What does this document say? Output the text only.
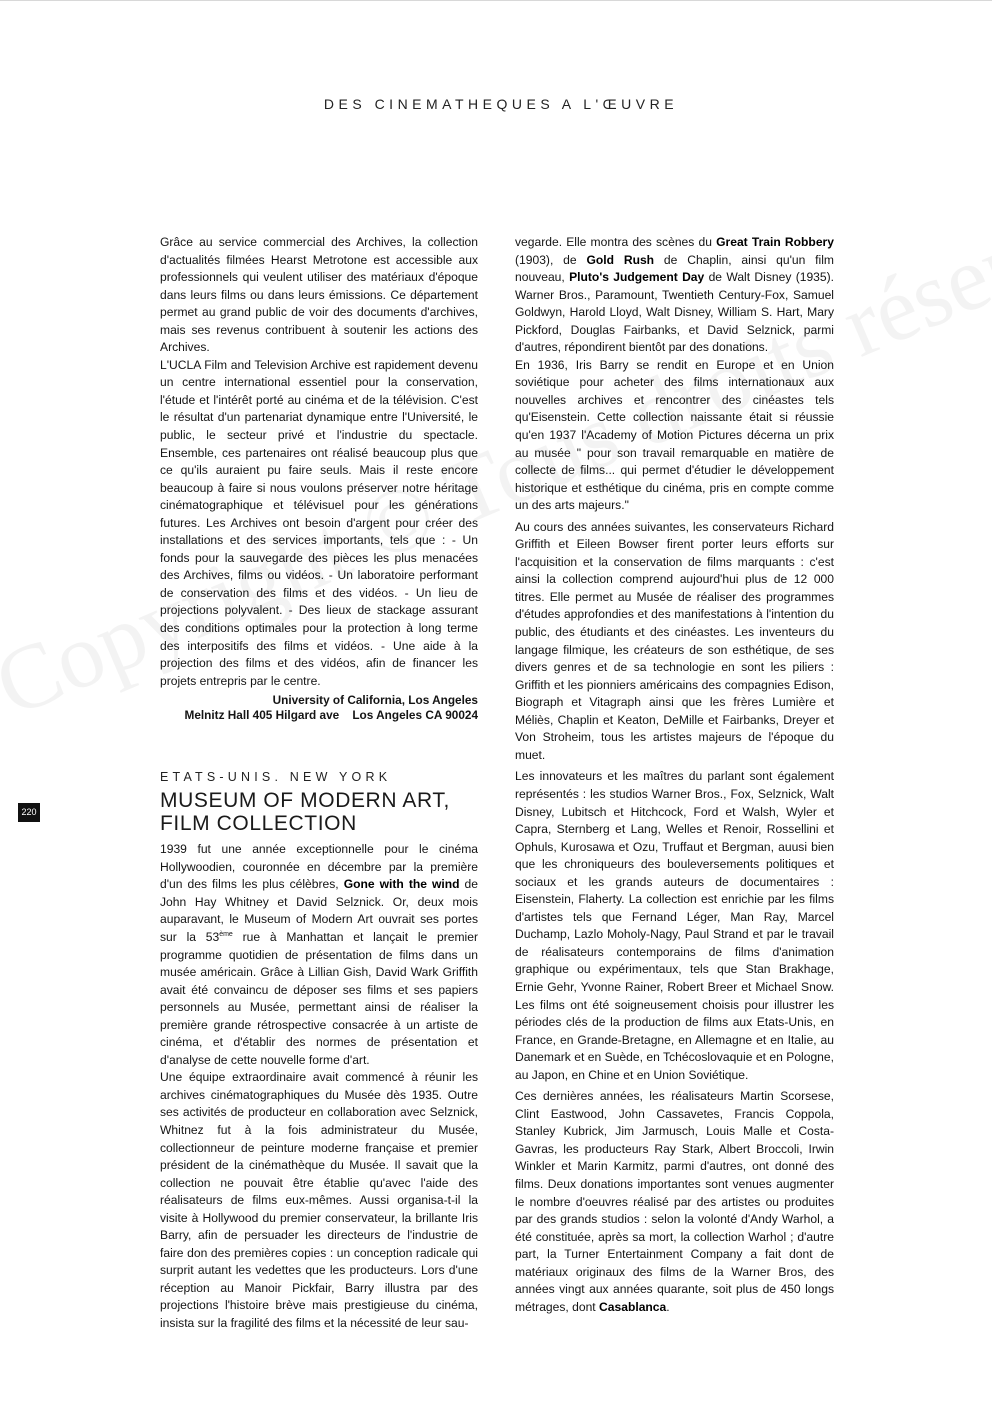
DES CINEMATHEQUES A L'ŒUVRE
220

Grâce au service commercial des Archives, la collection d'actualités filmées Hearst Metrotone est accessible aux professionnels qui veulent utiliser des matériaux d'époque dans leurs films ou dans leurs émissions. Ce département permet au grand public de voir des documents d'archives, mais ses revenus contribuent à soutenir les actions des Archives.

L'UCLA Film and Television Archive est rapidement devenu un centre international essentiel pour la conservation, l'étude et l'intérêt porté au cinéma et de la télévision. C'est le résultat d'un partenariat dynamique entre l'Université, le public, le secteur privé et l'industrie du spectacle. Ensemble, ces partenaires ont réalisé beaucoup plus que ce qu'ils auraient pu faire seuls. Mais il reste encore beaucoup à faire si nous voulons préserver notre héritage cinématographique et télévisuel pour les générations futures. Les Archives ont besoin d'argent pour créer des installations et des services importants, tels que : - Un fonds pour la sauvegarde des pièces les plus menacées des Archives, films ou vidéos. - Un laboratoire performant de conservation des films et des vidéos. - Un lieu de projections polyvalent. - Des lieux de stackage assurant des conditions optimales pour la protection à long terme des interpositifs des films et vidéos. - Une aide à la projection des films et des vidéos, afin de financer les projets entrepris par le centre.

University of California, Los Angeles
Melnitz Hall 405 Hilgard ave    Los Angeles CA 90024
ETATS-UNIS. NEW YORK
MUSEUM OF MODERN ART,
FILM COLLECTION

1939 fut une année exceptionnelle pour le cinéma Hollywoodien, couronnée en décembre par la première d'un des films les plus célèbres, Gone with the wind de John Hay Whitney et David Selznick. Or, deux mois auparavant, le Museum of Modern Art ouvrait ses portes sur la 53ème rue à Manhattan et lançait le premier programme quotidien de présentation de films dans un musée américain. Grâce à Lillian Gish, David Wark Griffith avait été convaincu de déposer ses films et ses papiers personnels au Musée, permettant ainsi de réaliser la première grande rétrospective consacrée à un artiste de cinéma, et d'établir des normes de présentation et d'analyse de cette nouvelle forme d'art.

Une équipe extraordinaire avait commencé à réunir les archives cinématographiques du Musée dès 1935. Outre ses activités de producteur en collaboration avec Selznick, Whitnez fut à la fois administrateur du Musée, collectionneur de peinture moderne française et premier président de la cinémathèque du Musée. Il savait que la collection ne pouvait être établie qu'avec l'aide des réalisateurs de films eux-mêmes. Aussi organisa-t-il la visite à Hollywood du premier conservateur, la brillante Iris Barry, afin de persuader les directeurs de l'industrie de faire don des premières copies : un conception radicale qui surprit autant les vedettes que les producteurs. Lors d'une réception au Manoir Pickfair, Barry illustra par des projections l'histoire brève mais prestigieuse du cinéma, insista sur la fragilité des films et la nécessité de leur sau-

vegarde. Elle montra des scènes du Great Train Robbery (1903), de Gold Rush de Chaplin, ainsi qu'un film nouveau, Pluto's Judgement Day de Walt Disney (1935). Warner Bros., Paramount, Twentieth Century-Fox, Samuel Goldwyn, Harold Lloyd, Walt Disney, William S. Hart, Mary Pickford, Douglas Fairbanks, et David Selznick, parmi d'autres, répondirent bientôt par des donations.

En 1936, Iris Barry se rendit en Europe et en Union soviétique pour acheter des films internationaux aux nouvelles archives et rencontrer des cinéastes tels qu'Eisenstein. Cette collection naissante était si réussie qu'en 1937 l'Academy of Motion Pictures décerna un prix au musée " pour son travail remarquable en matière de collecte de films... qui permet d'étudier le développement historique et esthétique du cinéma, pris en compte comme un des arts majeurs."

Au cours des années suivantes, les conservateurs Richard Griffith et Eileen Bowser firent porter leurs efforts sur l'acquisition et la conservation de films marquants : c'est ainsi la collection comprend aujourd'hui plus de 12 000 titres. Elle permet au Musée de réaliser des programmes d'études approfondies et des manifestations à l'intention du public, des étudiants et des cinéastes. Les inventeurs du langage filmique, les créateurs de son esthétique, de ses divers genres et de sa technologie en sont les piliers : Griffith et les pionniers américains des compagnies Edison, Biograph et Vitagraph ainsi que les frères Lumière et Méliès, Chaplin et Keaton, DeMille et Fairbanks, Dreyer et Von Stroheim, tous les artistes majeurs de l'époque du muet.

Les innovateurs et les maîtres du parlant sont également représentés : les studios Warner Bros., Fox, Selznick, Walt Disney, Lubitsch et Hitchcock, Ford et Walsh, Wyler et Capra, Sternberg et Lang, Welles et Renoir, Rossellini et Ophuls, Kurosawa et Ozu, Truffaut et Bergman, auusi bien que les chroniqueurs des bouleversements politiques et sociaux et les grands auteurs de documentaires : Eisenstein, Flaherty. La collection est enrichie par les films d'artistes tels que Fernand Léger, Man Ray, Marcel Duchamp, Lazlo Moholy-Nagy, Paul Strand et par le travail de réalisateurs contemporains de films d'animation graphique ou expérimentaux, tels que Stan Brakhage, Ernie Gehr, Yvonne Rainer, Robert Breer et Michael Snow. Les films ont été soigneusement choisis pour illustrer les périodes clés de la production de films aux Etats-Unis, en France, en Grande-Bretagne, en Allemagne et en Italie, au Danemark et en Suède, en Tchécoslovaquie et en Pologne, au Japon, en Chine et en Union Soviétique.

Ces dernières années, les réalisateurs Martin Scorsese, Clint Eastwood, John Cassavetes, Francis Coppola, Stanley Kubrick, Jim Jarmusch, Louis Malle et Costa-Gavras, les producteurs Ray Stark, Albert Broccoli, Irwin Winkler et Marin Karmitz, parmi d'autres, ont donné des films. Deux donations importantes sont venues augmenter le nombre d'oeuvres réalisé par des artistes ou produites par des grands studios : selon la volonté d'Andy Warhol, a été constituée, après sa mort, la collection Warhol ; d'autre part, la Turner Entertainment Company a fait dont de matériaux originaux des films de la Warner Bros, des années vingt aux années quarante, soit plus de 450 longs métrages, dont Casablanca.
